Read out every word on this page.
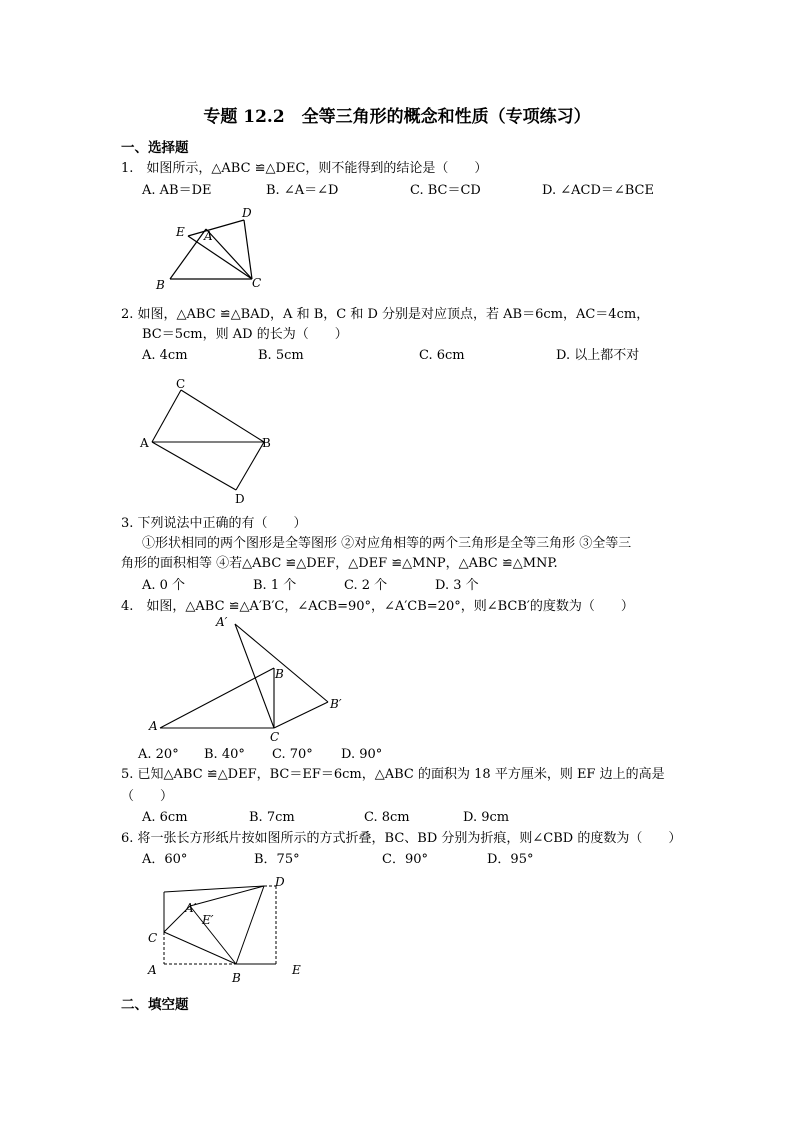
专题 12.2　全等三角形的概念和性质（专项练习）
一、选择题
1.　如图所示，△ABC ≌△DEC，则不能得到的结论是（　　）
A. AB＝DE	B. ∠A＝∠D	C. BC＝CD	D. ∠ACD＝∠BCE
D
E A
B	C
2. 如图，△ABC ≌△BAD，A 和 B，C 和 D 分别是对应顶点，若 AB＝6cm，AC＝4cm，
BC＝5cm，则 AD 的长为（　　）
A. 4cm	B. 5cm	C. 6cm	D. 以上都不对
C
A	B
D
3. 下列说法中正确的有（　　）
①形状相同的两个图形是全等图形 ②对应角相等的两个三角形是全等三角形 ③全等三
角形的面积相等 ④若△ABC ≌△DEF，△DEF ≌△MNP，△ABC ≌△MNP.
A. 0 个	B. 1 个	C. 2 个	D. 3 个
4.　如图，△ABC ≌△A′B′C，∠ACB=90°，∠A′CB=20°，则∠BCB′的度数为（　　）
A′
B
B′
A
C
A. 20° B. 40° C. 70° D. 90°
5. 已知△ABC ≌△DEF，BC＝EF＝6cm，△ABC 的面积为 18 平方厘米，则 EF 边上的高是
（　　）
A. 6cm	B. 7cm	C. 8cm	D. 9cm
6. 将一张长方形纸片按如图所示的方式折叠，BC、BD 分别为折痕，则∠CBD 的度数为（　　）
A．60°	B．75°	C．90°	D．95°
D
A′
E′
C
A
B
E
二、填空题
